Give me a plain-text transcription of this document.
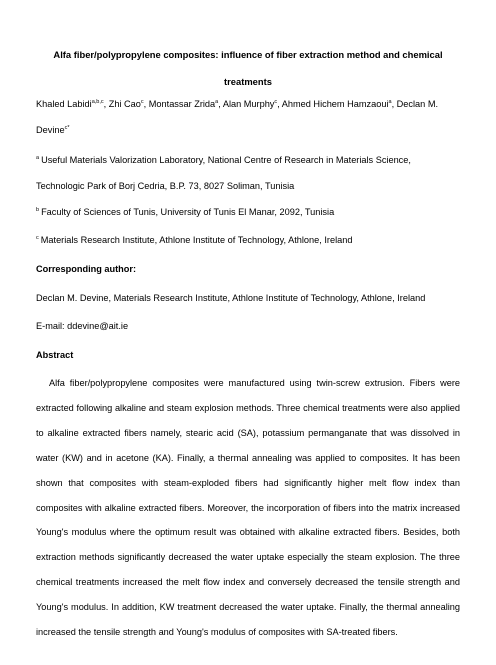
Alfa fiber/polypropylene composites: influence of fiber extraction method and chemical treatments
Khaled Labidi$^{a,b,c}$, Zhi Cao$^c$, Montassar Zrida$^a$, Alan Murphy$^c$, Ahmed Hichem Hamzaoui$^a$, Declan M. Devine$^{c*}$
$^a$ Useful Materials Valorization Laboratory, National Centre of Research in Materials Science, Technologic Park of Borj Cedria, B.P. 73, 8027 Soliman, Tunisia
$^b$ Faculty of Sciences of Tunis, University of Tunis El Manar, 2092, Tunisia
$^c$ Materials Research Institute, Athlone Institute of Technology, Athlone, Ireland
Corresponding author:
Declan M. Devine, Materials Research Institute, Athlone Institute of Technology, Athlone, Ireland
E-mail: ddevine@ait.ie
Abstract
Alfa fiber/polypropylene composites were manufactured using twin-screw extrusion. Fibers were extracted following alkaline and steam explosion methods. Three chemical treatments were also applied to alkaline extracted fibers namely, stearic acid (SA), potassium permanganate that was dissolved in water (KW) and in acetone (KA). Finally, a thermal annealing was applied to composites. It has been shown that composites with steam-exploded fibers had significantly higher melt flow index than composites with alkaline extracted fibers. Moreover, the incorporation of fibers into the matrix increased Young's modulus where the optimum result was obtained with alkaline extracted fibers. Besides, both extraction methods significantly decreased the water uptake especially the steam explosion. The three chemical treatments increased the melt flow index and conversely decreased the tensile strength and Young's modulus. In addition, KW treatment decreased the water uptake. Finally, the thermal annealing increased the tensile strength and Young's modulus of composites with SA-treated fibers.
